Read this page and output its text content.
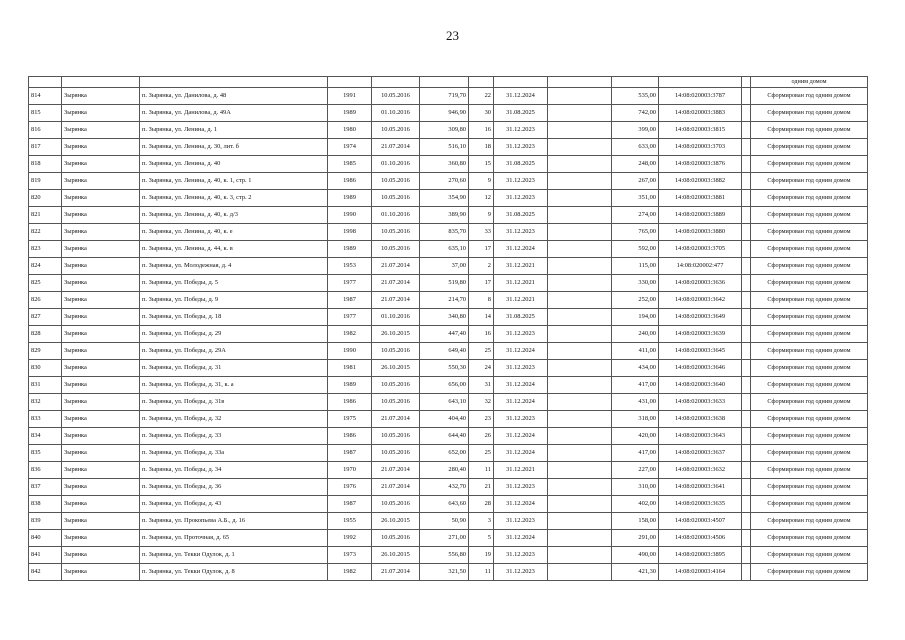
23
												одним домом
814	Зырянка	п. Зырянка, ул. Данилова, д. 48	1991	10.05.2016	719,70	22	31.12.2024		535,00	14:08:020003:3787		Сформирован год одним домом
815	Зырянка	п. Зырянка, ул. Данилова, д. 49А	1989	01.10.2016	946,90	30	31.08.2025		742,00	14:08:020003:3883		Сформирован год одним домом
816	Зырянка	п. Зырянка, ул. Ленина, д. 1	1980	10.05.2016	309,80	16	31.12.2023		399,00	14:08:020003:3815		Сформирован год одним домом
817	Зырянка	п. Зырянка, ул. Ленина, д. 30, лит. б	1974	21.07.2014	516,10	18	31.12.2023		633,00	14:08:020003:3703		Сформирован год одним домом
818	Зырянка	п. Зырянка, ул. Ленина, д. 40	1985	01.10.2016	360,80	15	31.08.2025		248,00	14:08:020003:3876		Сформирован год одним домом
819	Зырянка	п. Зырянка, ул. Ленина, д. 40, к. 1, стр. 1	1986	10.05.2016	270,60	9	31.12.2023		267,00	14:08:020003:3882		Сформирован год одним домом
820	Зырянка	п. Зырянка, ул. Ленина, д. 40, к. 3, стр. 2	1989	10.05.2016	354,90	12	31.12.2023		351,00	14:08:020003:3881		Сформирован год одним домом
821	Зырянка	п. Зырянка, ул. Ленина, д. 40, к. д/3	1990	01.10.2016	389,90	9	31.08.2025		274,00	14:08:020003:3889		Сформирован год одним домом
822	Зырянка	п. Зырянка, ул. Ленина, д. 40, к. е	1998	10.05.2016	835,70	33	31.12.2023		765,00	14:08:020003:3880		Сформирован год одним домом
823	Зырянка	п. Зырянка, ул. Ленина, д. 44, к. в	1989	10.05.2016	635,10	17	31.12.2024		592,00	14:08:020003:3705		Сформирован год одним домом
824	Зырянка	п. Зырянка, ул. Молодежная, д. 4	1953	21.07.2014	37,00	2	31.12.2021		115,00	14:08:020002:477		Сформирован год одним домом
825	Зырянка	п. Зырянка, ул. Победы, д. 5	1977	21.07.2014	519,80	17	31.12.2021		330,00	14:08:020003:3636		Сформирован год одним домом
826	Зырянка	п. Зырянка, ул. Победы, д. 9	1987	21.07.2014	214,70	8	31.12.2021		252,00	14:08:020003:3642		Сформирован год одним домом
827	Зырянка	п. Зырянка, ул. Победы, д. 18	1977	01.10.2016	340,80	14	31.08.2025		194,00	14:08:020003:3649		Сформирован год одним домом
828	Зырянка	п. Зырянка, ул. Победы, д. 29	1982	26.10.2015	447,40	16	31.12.2023		240,00	14:08:020003:3639		Сформирован год одним домом
829	Зырянка	п. Зырянка, ул. Победы, д. 29А	1990	10.05.2016	649,40	25	31.12.2024		411,00	14:08:020003:3645		Сформирован год одним домом
830	Зырянка	п. Зырянка, ул. Победы, д. 31	1981	26.10.2015	550,30	24	31.12.2023		434,00	14:08:020003:3646		Сформирован год одним домом
831	Зырянка	п. Зырянка, ул. Победы, д. 31, к. а	1989	10.05.2016	656,00	31	31.12.2024		417,00	14:08:020003:3640		Сформирован год одним домом
832	Зырянка	п. Зырянка, ул. Победы, д. 31в	1986	10.05.2016	643,10	32	31.12.2024		431,00	14:08:020003:3633		Сформирован год одним домом
833	Зырянка	п. Зырянка, ул. Победы, д. 32	1975	21.07.2014	404,40	23	31.12.2023		318,00	14:08:020003:3638		Сформирован год одним домом
834	Зырянка	п. Зырянка, ул. Победы, д. 33	1986	10.05.2016	644,40	26	31.12.2024		420,00	14:08:020003:3643		Сформирован год одним домом
835	Зырянка	п. Зырянка, ул. Победы, д. 33а	1987	10.05.2016	652,00	25	31.12.2024		417,00	14:08:020003:3637		Сформирован год одним домом
836	Зырянка	п. Зырянка, ул. Победы, д. 34	1970	21.07.2014	280,40	11	31.12.2021		227,00	14:08:020003:3632		Сформирован год одним домом
837	Зырянка	п. Зырянка, ул. Победы, д. 36	1976	21.07.2014	432,70	21	31.12.2023		310,00	14:08:020003:3641		Сформирован год одним домом
838	Зырянка	п. Зырянка, ул. Победы, д. 43	1987	10.05.2016	643,60	28	31.12.2024		402,00	14:08:020003:3635		Сформирован год одним домом
839	Зырянка	п. Зырянка, ул. Прокопьева А.Б., д. 16	1955	26.10.2015	50,90	3	31.12.2023		158,00	14:08:020003:4507		Сформирован год одним домом
840	Зырянка	п. Зырянка, ул. Проточная, д. 65	1992	10.05.2016	271,00	5	31.12.2024		291,00	14:08:020003:4506		Сформирован год одним домом
841	Зырянка	п. Зырянка, ул. Текки Одулок, д. 1	1973	26.10.2015	556,80	19	31.12.2023		490,00	14:08:020003:3895		Сформирован год одним домом
842	Зырянка	п. Зырянка, ул. Текки Одулок, д. 8	1982	21.07.2014	321,50	11	31.12.2023		421,30	14:08:020003:4164		Сформирован год одним домом
